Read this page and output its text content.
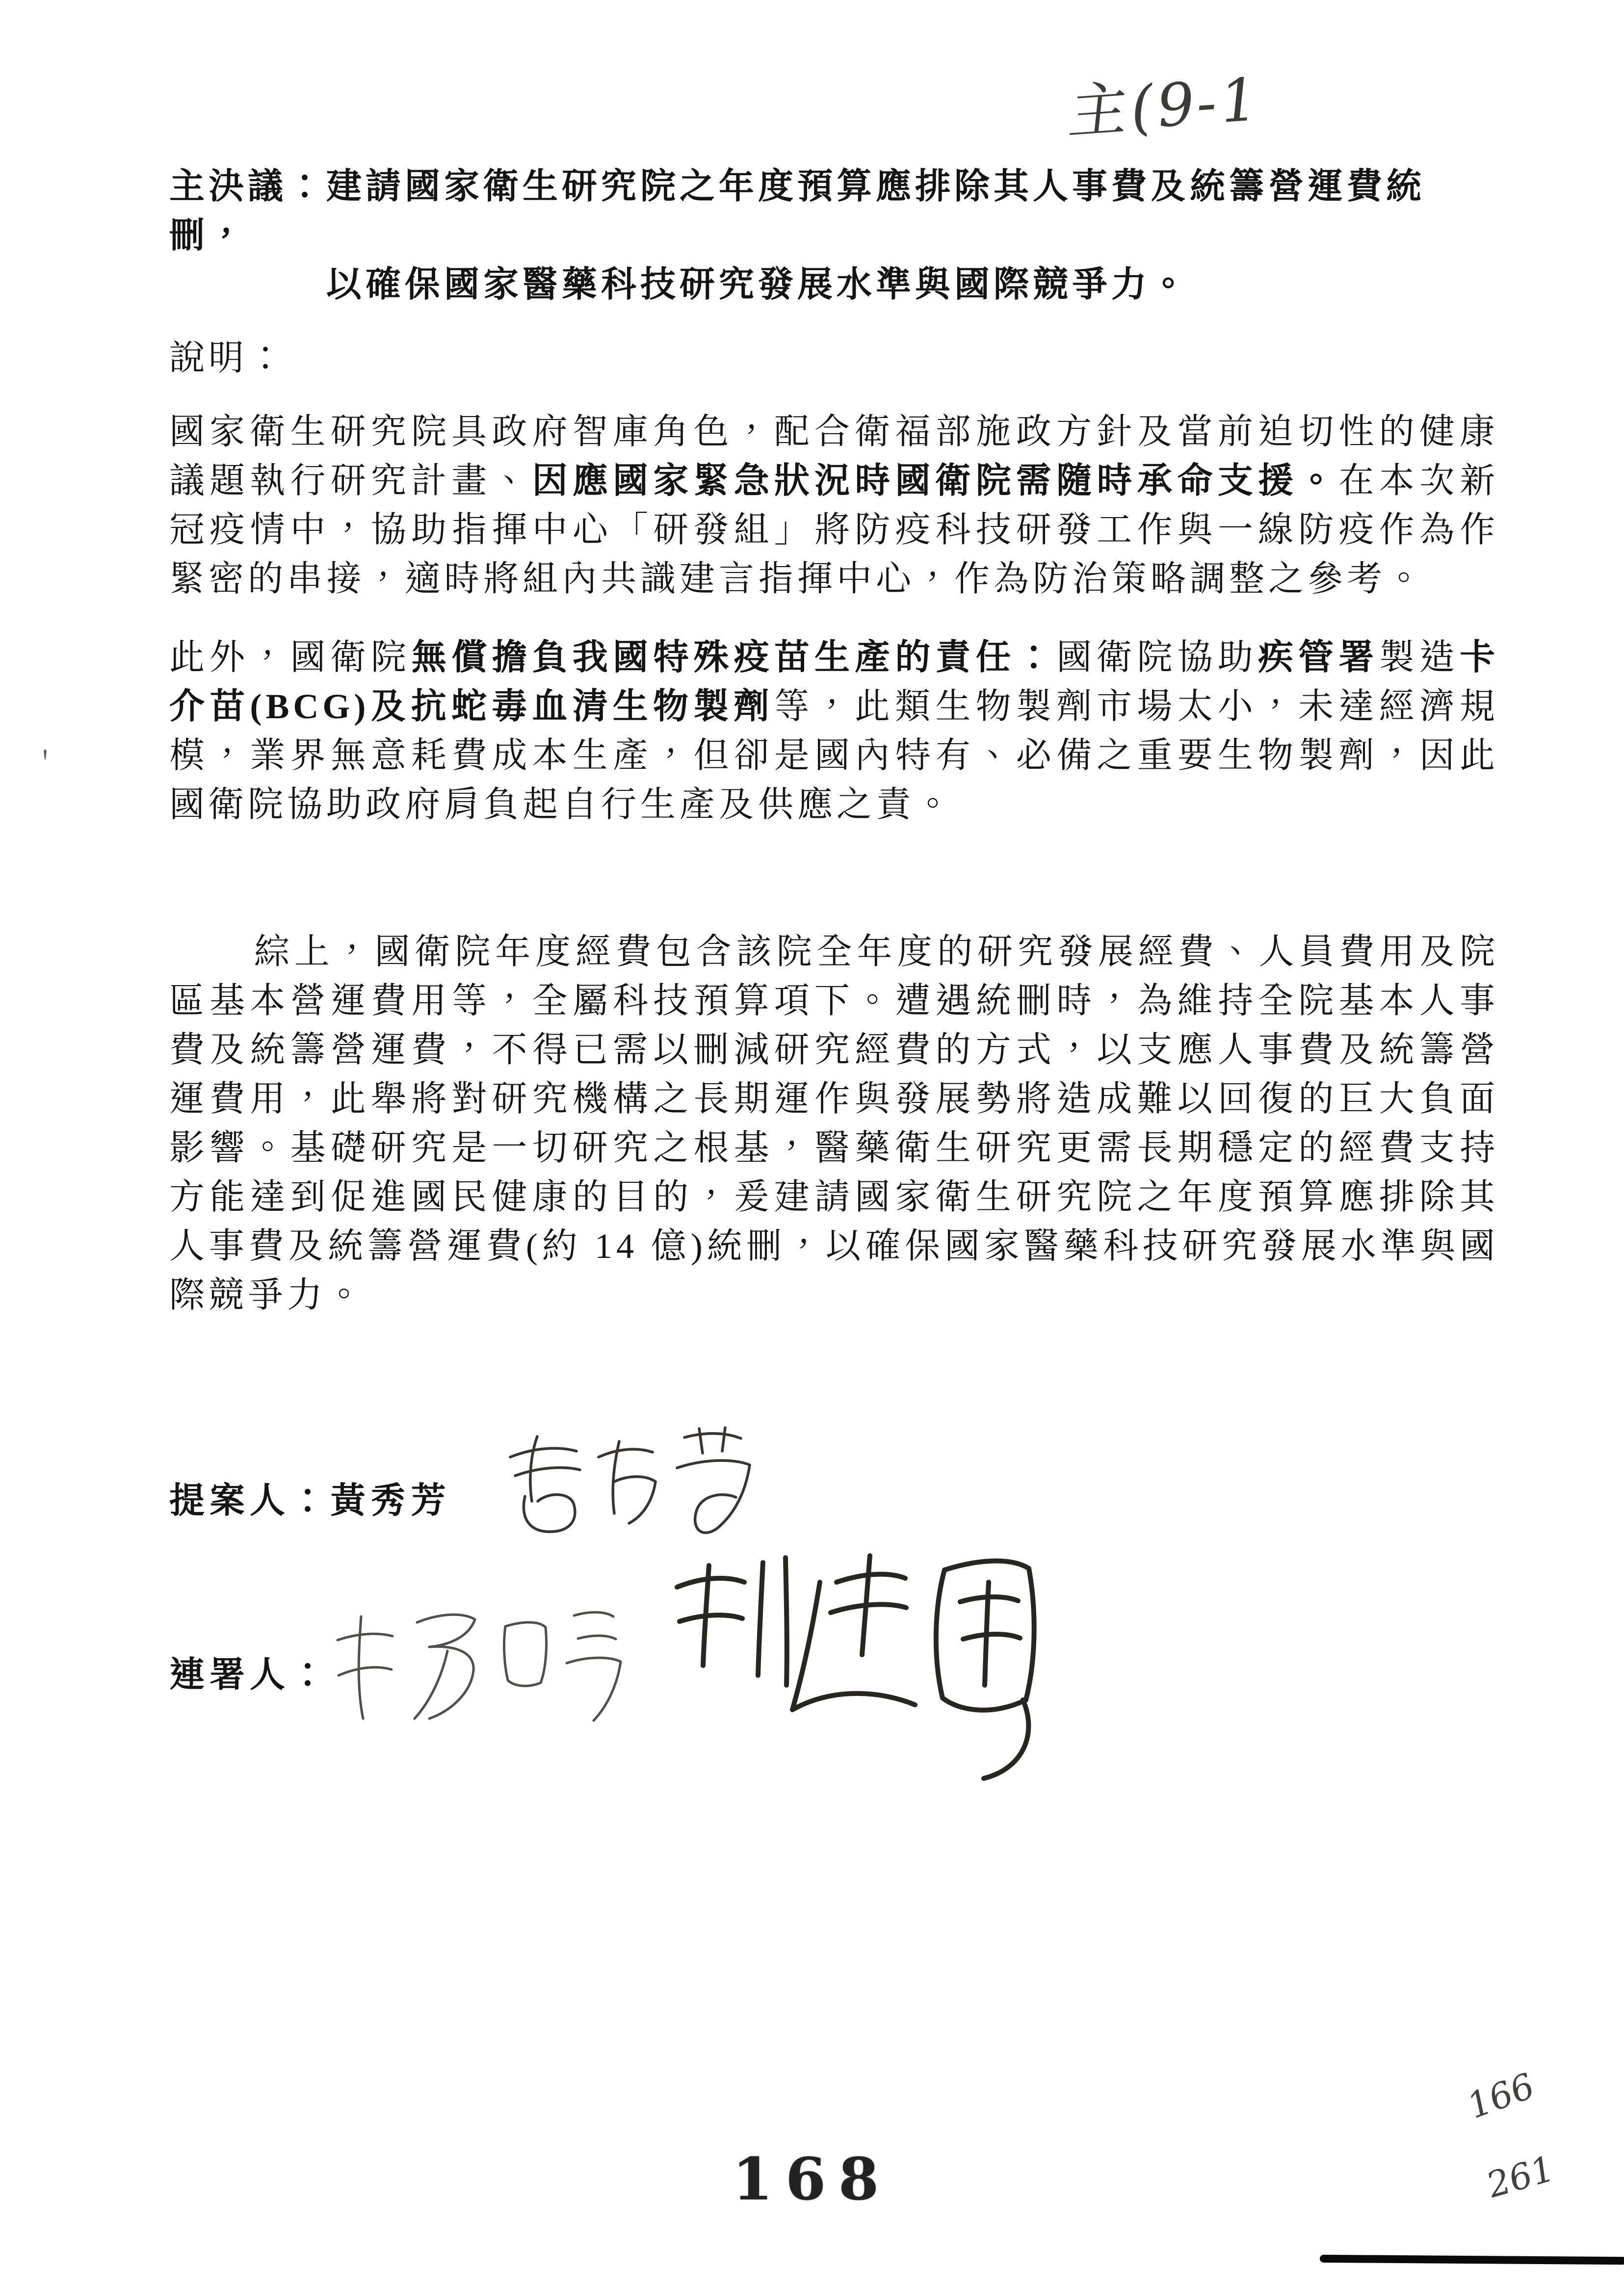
主(9-1
主決議：建請國家衛生研究院之年度預算應排除其人事費及統籌營運費統刪，
以確保國家醫藥科技研究發展水準與國際競爭力。
說明：
國家衛生研究院具政府智庫角色，配合衛福部施政方針及當前迫切性的健康議題執行研究計畫、因應國家緊急狀況時國衛院需隨時承命支援。在本次新冠疫情中，協助指揮中心「研發組」將防疫科技研發工作與一線防疫作為作緊密的串接，適時將組內共識建言指揮中心，作為防治策略調整之參考。
此外，國衛院無償擔負我國特殊疫苗生產的責任：國衛院協助疾管署製造卡介苗(BCG)及抗蛇毒血清生物製劑等，此類生物製劑市場太小，未達經濟規模，業界無意耗費成本生產，但卻是國內特有、必備之重要生物製劑，因此國衛院協助政府肩負起自行生產及供應之責。
綜上，國衛院年度經費包含該院全年度的研究發展經費、人員費用及院區基本營運費用等，全屬科技預算項下。遭遇統刪時，為維持全院基本人事費及統籌營運費，不得已需以刪減研究經費的方式，以支應人事費及統籌營運費用，此舉將對研究機構之長期運作與發展勢將造成難以回復的巨大負面影響。基礎研究是一切研究之根基，醫藥衛生研究更需長期穩定的經費支持方能達到促進國民健康的目的，爰建請國家衛生研究院之年度預算應排除其人事費及統籌營運費(約 14 億)統刪，以確保國家醫藥科技研究發展水準與國際競爭力。
提案人：黃秀芳
連署人：
168
166
261
＇
